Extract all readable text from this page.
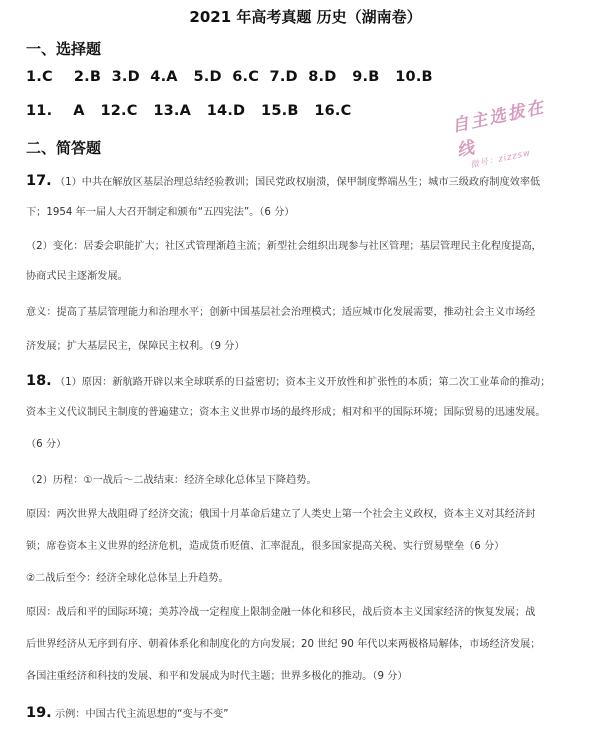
2021 年高考真题 历史（湖南卷）
自主选拔在线
微号：zizzsw
一、选择题
1.C    2.B  3.D  4.A   5.D  6.C  7.D  8.D   9.B   10.B
11.    A   12.C   13.A   14.D   15.B   16.C
二、简答题
17. （1）中共在解放区基层治理总结经验教训；国民党政权崩溃，保甲制度弊端丛生；城市三级政府制度效率低
下；1954 年一届人大召开制定和颁布“五四宪法”。（6 分）
（2）变化：居委会职能扩大；社区式管理渐趋主流；新型社会组织出现参与社区管理；基层管理民主化程度提高，
协商式民主逐渐发展。
意义：提高了基层管理能力和治理水平；创新中国基层社会治理模式；适应城市化发展需要，推动社会主义市场经
济发展；扩大基层民主，保障民主权利。（9 分）
18. （1）原因：新航路开辟以来全球联系的日益密切；资本主义开放性和扩张性的本质；第二次工业革命的推动；
资本主义代议制民主制度的普遍建立；资本主义世界市场的最终形成；相对和平的国际环境；国际贸易的迅速发展。
（6 分）
（2）历程：①一战后～二战结束：经济全球化总体呈下降趋势。
原因：两次世界大战阻碍了经济交流；俄国十月革命后建立了人类史上第一个社会主义政权，资本主义对其经济封
锁；席卷资本主义世界的经济危机，造成货币贬值、汇率混乱，很多国家提高关税、实行贸易壁垒（6 分）
②二战后至今：经济全球化总体呈上升趋势。
原因：战后和平的国际环境；美苏冷战一定程度上限制金融一体化和移民，战后资本主义国家经济的恢复发展；战
后世界经济从无序到有序、朝着体系化和制度化的方向发展；20 世纪 90 年代以来两极格局解体，市场经济发展；
各国注重经济和科技的发展、和平和发展成为时代主题；世界多极化的推动。（9 分）
19. 示例：中国古代主流思想的“变与不变”
